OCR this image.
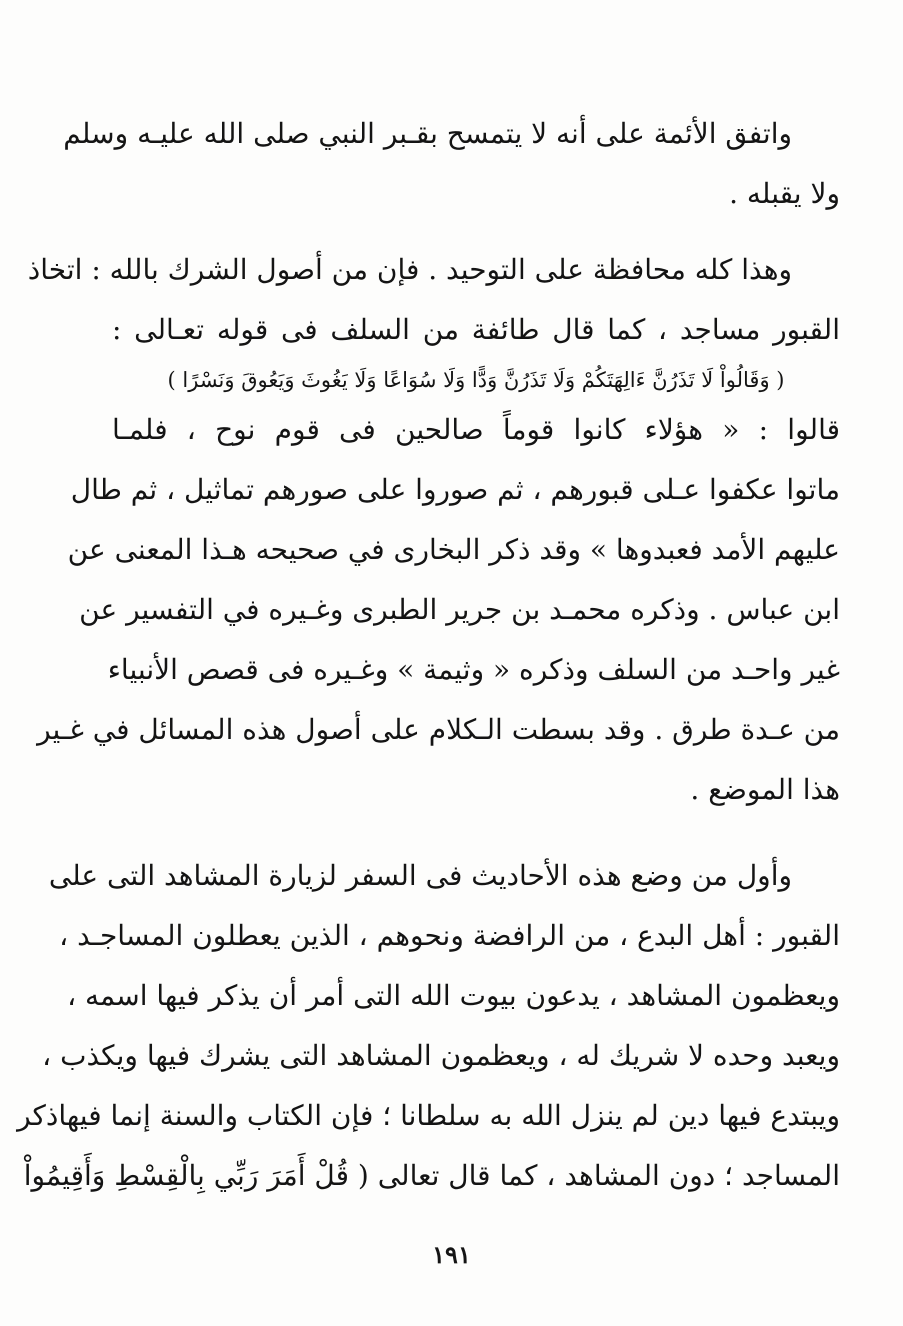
واتفق الأئمة على أنه لا يتمسح بقـبر النبي صلى الله عليـه وسلم
ولا يقبله .
وهذا كله محافظة على التوحيد . فإن من أصول الشرك بالله : اتخاذ
القبور مساجد ، كما قال طائفة من السلف فى قوله تعـالى :
( وَقَالُواْ لَا تَذَرُنَّ ءَالِهَتَكُمْ وَلَا تَذَرُنَّ وَدًّا وَلَا سُوَاعًا وَلَا يَغُوثَ وَيَعُوقَ وَنَسْرًا )
قالوا : « هؤلاء كانوا قوماً صالحين فى قوم نوح ، فلمـا
ماتوا عكفوا عـلى قبورهم ، ثم صوروا على صورهم تماثيل ، ثم طال
عليهم الأمد فعبدوها » وقد ذكر البخارى في صحيحه هـذا المعنى عن
ابن عباس . وذكره محمـد بن جرير الطبرى وغـيره في التفسير عن
غير واحـد من السلف وذكره « وثيمة » وغـيره فى قصص الأنبياء
من عـدة طرق . وقد بسطت الـكلام على أصول هذه المسائل في غـير
هذا الموضع .
وأول من وضع هذه الأحاديث فى السفر لزيارة المشاهد التى على
القبور : أهل البدع ، من الرافضة ونحوهم ، الذين يعطلون المساجـد ،
ويعظمون المشاهد ، يدعون بيوت الله التى أمر أن يذكر فيها اسمه ،
ويعبد وحده لا شريك له ، ويعظمون المشاهد التى يشرك فيها ويكذب ،
ويبتدع فيها دين لم ينزل الله به سلطانا ؛ فإن الكتاب والسنة إنما فيهاذكر
المساجد ؛ دون المشاهد ، كما قال تعالى ( قُلْ أَمَرَ رَبِّي بِالْقِسْطِ وَأَقِيمُواْ
١٩١
